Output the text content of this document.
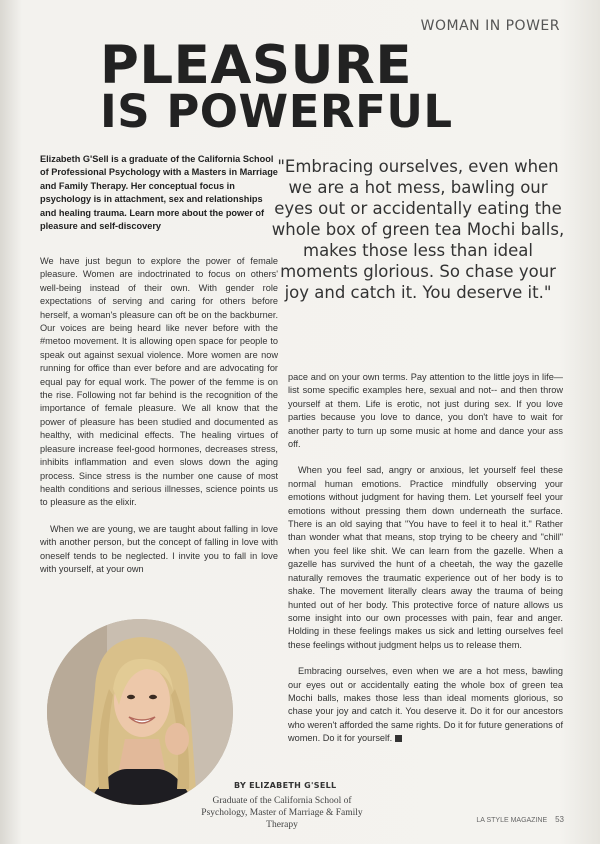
WOMAN IN POWER
PLEASURE
IS POWERFUL
Elizabeth G'Sell is a graduate of the California School of Professional Psychology with a Masters in Marriage and Family Therapy. Her conceptual focus in psychology is in attachment, sex and relationships and healing trauma. Learn more about the power of pleasure and self-discovery

We have just begun to explore the power of female pleasure. Women are indoctrinated to focus on others' well-being instead of their own. With gender role expectations of serving and caring for others before herself, a woman's pleasure can oft be on the backburner. Our voices are being heard like never before with the #metoo movement. It is allowing open space for people to speak out against sexual violence. More women are now running for office than ever before and are advocating for equal pay for equal work. The power of the femme is on the rise. Following not far behind is the recognition of the importance of female pleasure. We all know that the power of pleasure has been studied and documented as healthy, with medicinal effects. The healing virtues of pleasure increase feel-good hormones, decreases stress, inhibits inflammation and even slows down the aging process. Since stress is the number one cause of most health conditions and serious illnesses, science points us to pleasure as the elixir.

When we are young, we are taught about falling in love with another person, but the concept of falling in love with oneself tends to be neglected. I invite you to fall in love with yourself, at your own

"Embracing ourselves, even when we are a hot mess, bawling our eyes out or accidentally eating the whole box of green tea Mochi balls, makes those less than ideal moments glorious. So chase your joy and catch it. You deserve it."

pace and on your own terms. Pay attention to the little joys in life—list some specific examples here, sexual and not-- and then throw yourself at them. Life is erotic, not just during sex. If you love parties because you love to dance, you don't have to wait for another party to turn up some music at home and dance your ass off.

When you feel sad, angry or anxious, let yourself feel these normal human emotions. Practice mindfully observing your emotions without judgment for having them. Let yourself feel your emotions without pressing them down underneath the surface. There is an old saying that "You have to feel it to heal it." Rather than wonder what that means, stop trying to be cheery and "chill" when you feel like shit. We can learn from the gazelle. When a gazelle has survived the hunt of a cheetah, the way the gazelle naturally removes the traumatic experience out of her body is to shake. The movement literally clears away the trauma of being hunted out of her body. This protective force of nature allows us some insight into our own processes with pain, fear and anger. Holding in these feelings makes us sick and letting ourselves feel these feelings without judgment helps us to release them.

Embracing ourselves, even when we are a hot mess, bawling our eyes out or accidentally eating the whole box of green tea Mochi balls, makes those less than ideal moments glorious, so chase your joy and catch it. You deserve it. Do it for our ancestors who weren't afforded the same rights. Do it for future generations of women. Do it for yourself.

BY ELIZABETH G'SELL
Graduate of the California School of Psychology, Master of Marriage & Family Therapy	LA STYLE MAGAZINE 53
